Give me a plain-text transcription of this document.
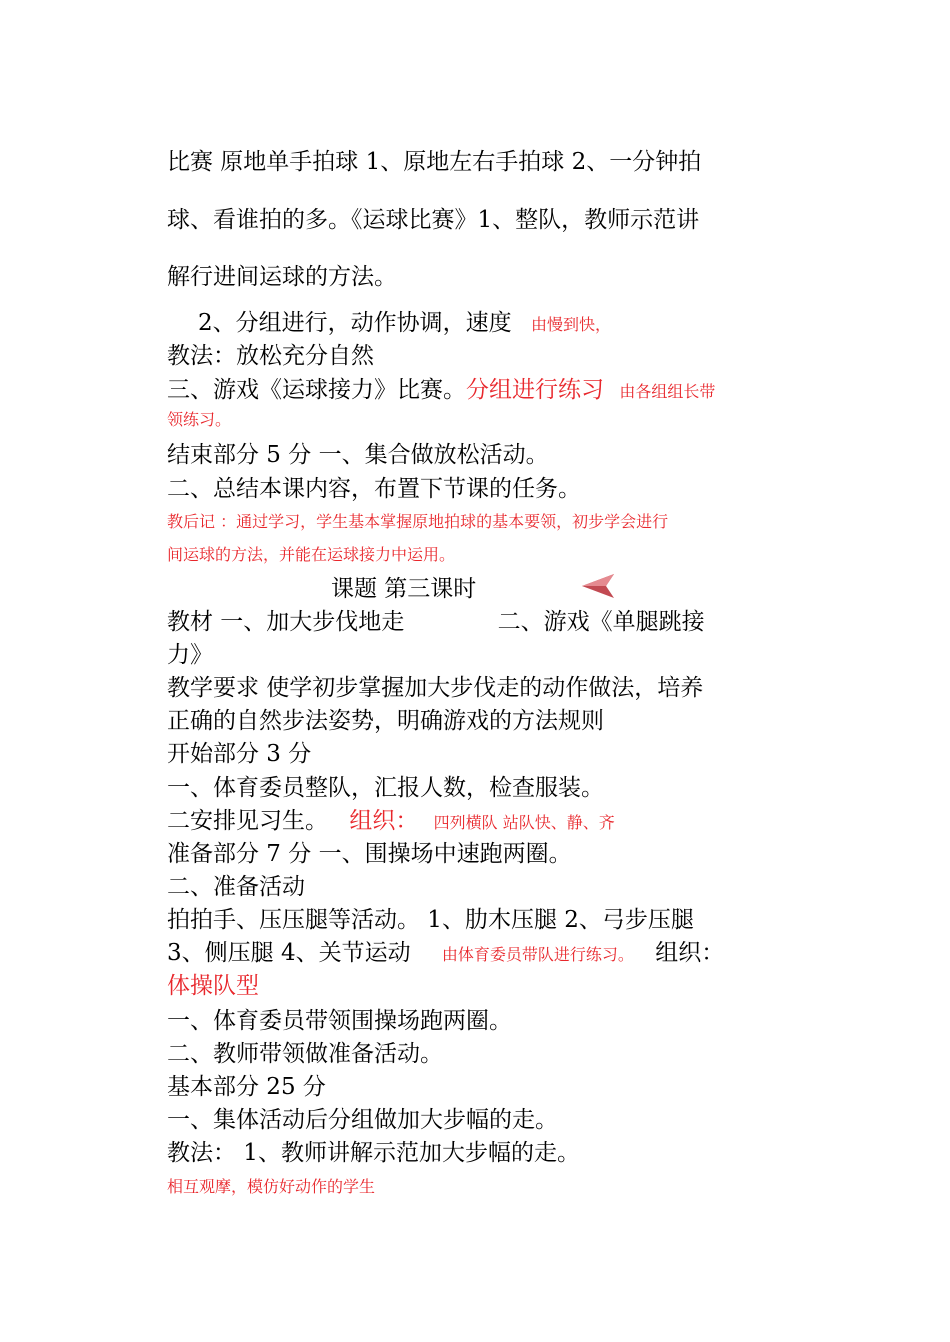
比赛 原地单手拍球 1、原地左右手拍球 2、一分钟拍
球、看谁拍的多。《运球比赛》1、整队，教师示范讲
解行进间运球的方法。
2、分组进行，动作协调，速度 由慢到快，
教法：放松充分自然
三、游戏《运球接力》比赛。分组进行练习 由各组组长带
领练习。
结束部分 5 分 一、集合做放松活动。
二、总结本课内容，布置下节课的任务。
教后记 ：通过学习，学生基本掌握原地拍球的基本要领，初步学会进行
间运球的方法，并能在运球接力中运用。
课题 第三课时
教材 一、加大步伐地走	二、游戏《单腿跳接
力》
教学要求 使学初步掌握加大步伐走的动作做法，培养
正确的自然步法姿势，明确游戏的方法规则
开始部分 3 分
一、体育委员整队，汇报人数，检查服装。
二安排见习生。 组织： 四列横队 站队快、静、齐
准备部分 7 分 一、围操场中速跑两圈。
二、准备活动
拍拍手、压压腿等活动。 1、肋木压腿 2、弓步压腿
3、侧压腿 4、关节运动 由体育委员带队进行练习。 组织：
体操队型
一、体育委员带领围操场跑两圈。
二、教师带领做准备活动。
基本部分 25 分
一、集体活动后分组做加大步幅的走。
教法： 1、教师讲解示范加大步幅的走。
相互观摩，模仿好动作的学生
